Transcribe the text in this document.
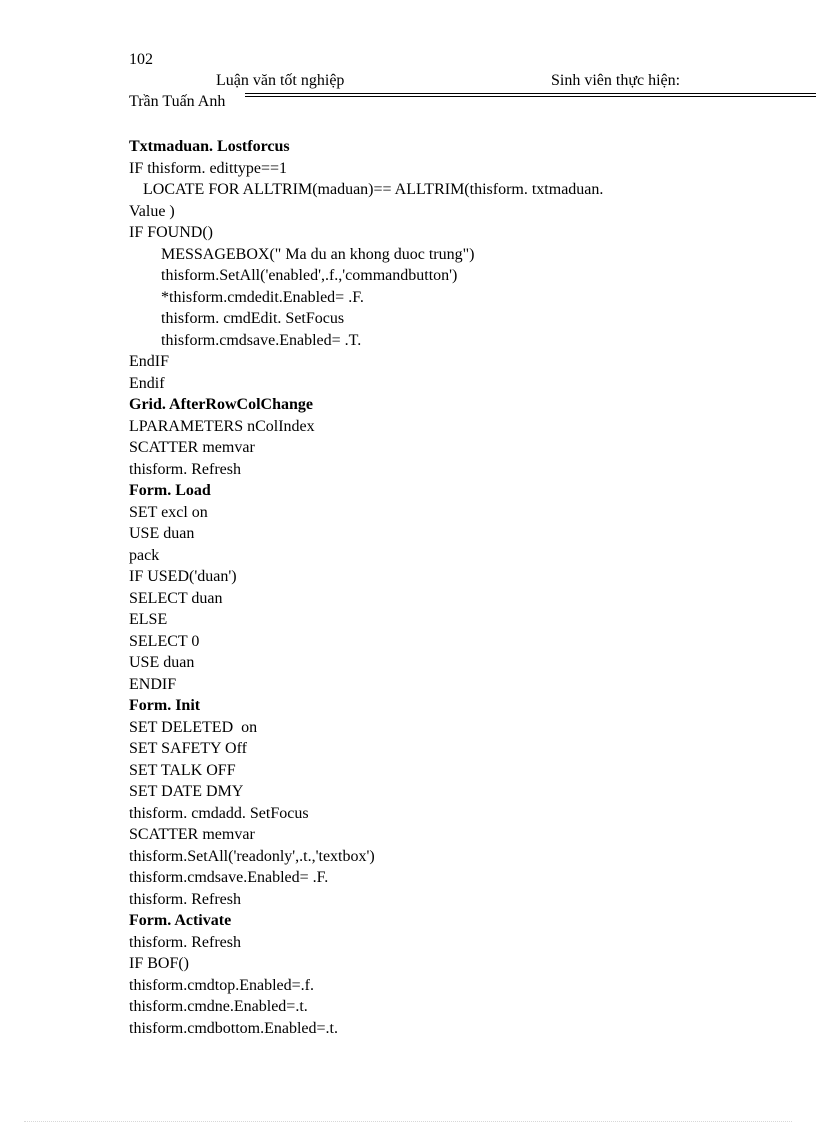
102
Luận văn tốt nghiệp	Sinh viên thực hiện:
Trần Tuấn Anh
Txtmaduan. Lostforcus
IF thisform. edittype==1
LOCATE FOR ALLTRIM(maduan)== ALLTRIM(thisform. txtmaduan.
Value )
IF FOUND()
MESSAGEBOX(" Ma du an khong duoc trung")
thisform.SetAll('enabled',.f.,'commandbutton')
*thisform.cmdedit.Enabled= .F.
thisform. cmdEdit. SetFocus
thisform.cmdsave.Enabled= .T.
EndIF
Endif
Grid. AfterRowColChange
LPARAMETERS nColIndex
SCATTER memvar
thisform. Refresh
Form. Load
SET excl on
USE duan
pack
IF USED('duan')
SELECT duan
ELSE
SELECT 0
USE duan
ENDIF
Form. Init
SET DELETED  on
SET SAFETY Off
SET TALK OFF
SET DATE DMY
thisform. cmdadd. SetFocus
SCATTER memvar
thisform.SetAll('readonly',.t.,'textbox')
thisform.cmdsave.Enabled= .F.
thisform. Refresh
Form. Activate
thisform. Refresh
IF BOF()
thisform.cmdtop.Enabled=.f.
thisform.cmdne.Enabled=.t.
thisform.cmdbottom.Enabled=.t.
